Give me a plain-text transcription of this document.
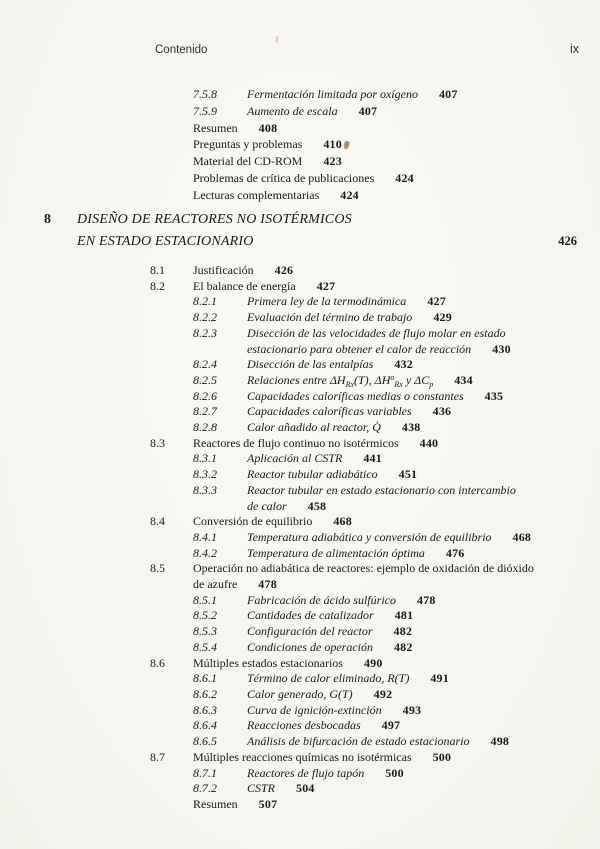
Contenido	ix
7.5.8	Fermentación limitada por oxígeno 407
7.5.9	Aumento de escala 407
Resumen 408
Preguntas y problemas 410
Material del CD-ROM 423
Problemas de crítica de publicaciones 424
Lecturas complementarias 424
8	DISEÑO DE REACTORES NO ISOTÉRMICOS
EN ESTADO ESTACIONARIO	426
8.1	Justificación 426
8.2	El balance de energía 427
8.2.1	Primera ley de la termodinámica 427
8.2.2	Evaluación del término de trabajo 429
8.2.3	Disección de las velocidades de flujo molar en estado
estacionario para obtener el calor de reacción 430
8.2.4	Disección de las entalpías 432
8.2.5	Relaciones entre $\Delta H_{Rx}(T)$, $\Delta H^o_{Rx}$ y $\Delta C_p$ 434
8.2.6	Capacidades caloríficas medias o constantes 435
8.2.7	Capacidades caloríficas variables 436
8.2.8	Calor añadido al reactor, Q̇ 438
8.3	Reactores de flujo continuo no isotérmicos 440
8.3.1	Aplicación al CSTR 441
8.3.2	Reactor tubular adiabático 451
8.3.3	Reactor tubular en estado estacionario con intercambio
de calor 458
8.4	Conversión de equilibrio 468
8.4.1	Temperatura adiabática y conversión de equilibrio 468
8.4.2	Temperatura de alimentación óptima 476
8.5	Operación no adiabática de reactores: ejemplo de oxidación de dióxido
de azufre 478
8.5.1	Fabricación de ácido sulfúrico 478
8.5.2	Cantidades de catalizador 481
8.5.3	Configuración del reactor 482
8.5.4	Condiciones de operación 482
8.6	Múltiples estados estacionarios 490
8.6.1	Término de calor eliminado, R(T) 491
8.6.2	Calor generado, G(T) 492
8.6.3	Curva de ignición-extinción 493
8.6.4	Reacciones desbocadas 497
8.6.5	Análisis de bifurcación de estado estacionario 498
8.7	Múltiples reacciones químicas no isotérmicas 500
8.7.1	Reactores de flujo tapón 500
8.7.2	CSTR 504
Resumen 507
